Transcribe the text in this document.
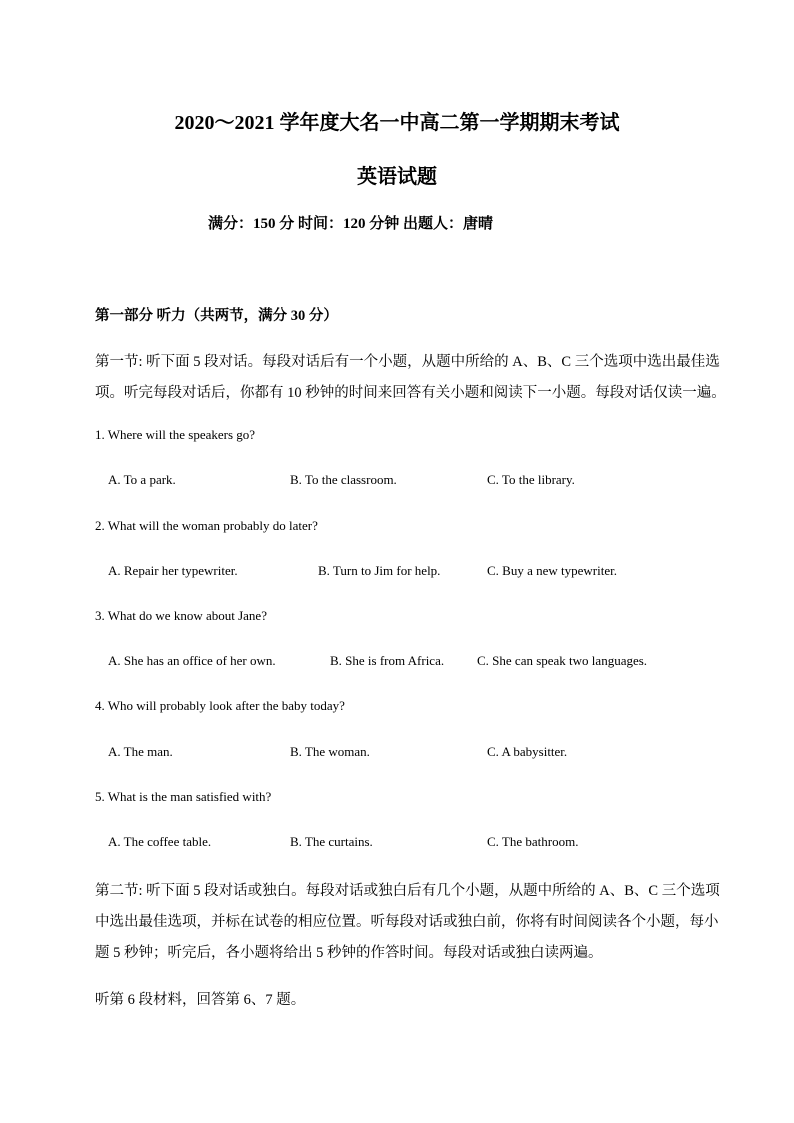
2020～2021 学年度大名一中高二第一学期期末考试
英语试题
满分：150 分 时间：120 分钟 出题人：唐晴
第一部分 听力（共两节，满分 30 分）
第一节: 听下面 5 段对话。每段对话后有一个小题，从题中所给的 A、B、C 三个选项中选出最佳选
项。听完每段对话后，你都有 10 秒钟的时间来回答有关小题和阅读下一小题。每段对话仅读一遍。
1. Where will the speakers go?
A. To a park.	B. To the classroom.	C. To the library.
2. What will the woman probably do later?
A. Repair her typewriter.	B. Turn to Jim for help.	C. Buy a new typewriter.
3. What do we know about Jane?
A. She has an office of her own.	B. She is from Africa.	C. She can speak two languages.
4. Who will probably look after the baby today?
A. The man.	B. The woman.	C. A babysitter.
5. What is the man satisfied with?
A. The coffee table.	B. The curtains.	C. The bathroom.
第二节: 听下面 5 段对话或独白。每段对话或独白后有几个小题，从题中所给的 A、B、C 三个选项
中选出最佳选项，并标在试卷的相应位置。听每段对话或独白前，你将有时间阅读各个小题，每小
题 5 秒钟；听完后，各小题将给出 5 秒钟的作答时间。每段对话或独白读两遍。
听第 6 段材料，回答第 6、7 题。
